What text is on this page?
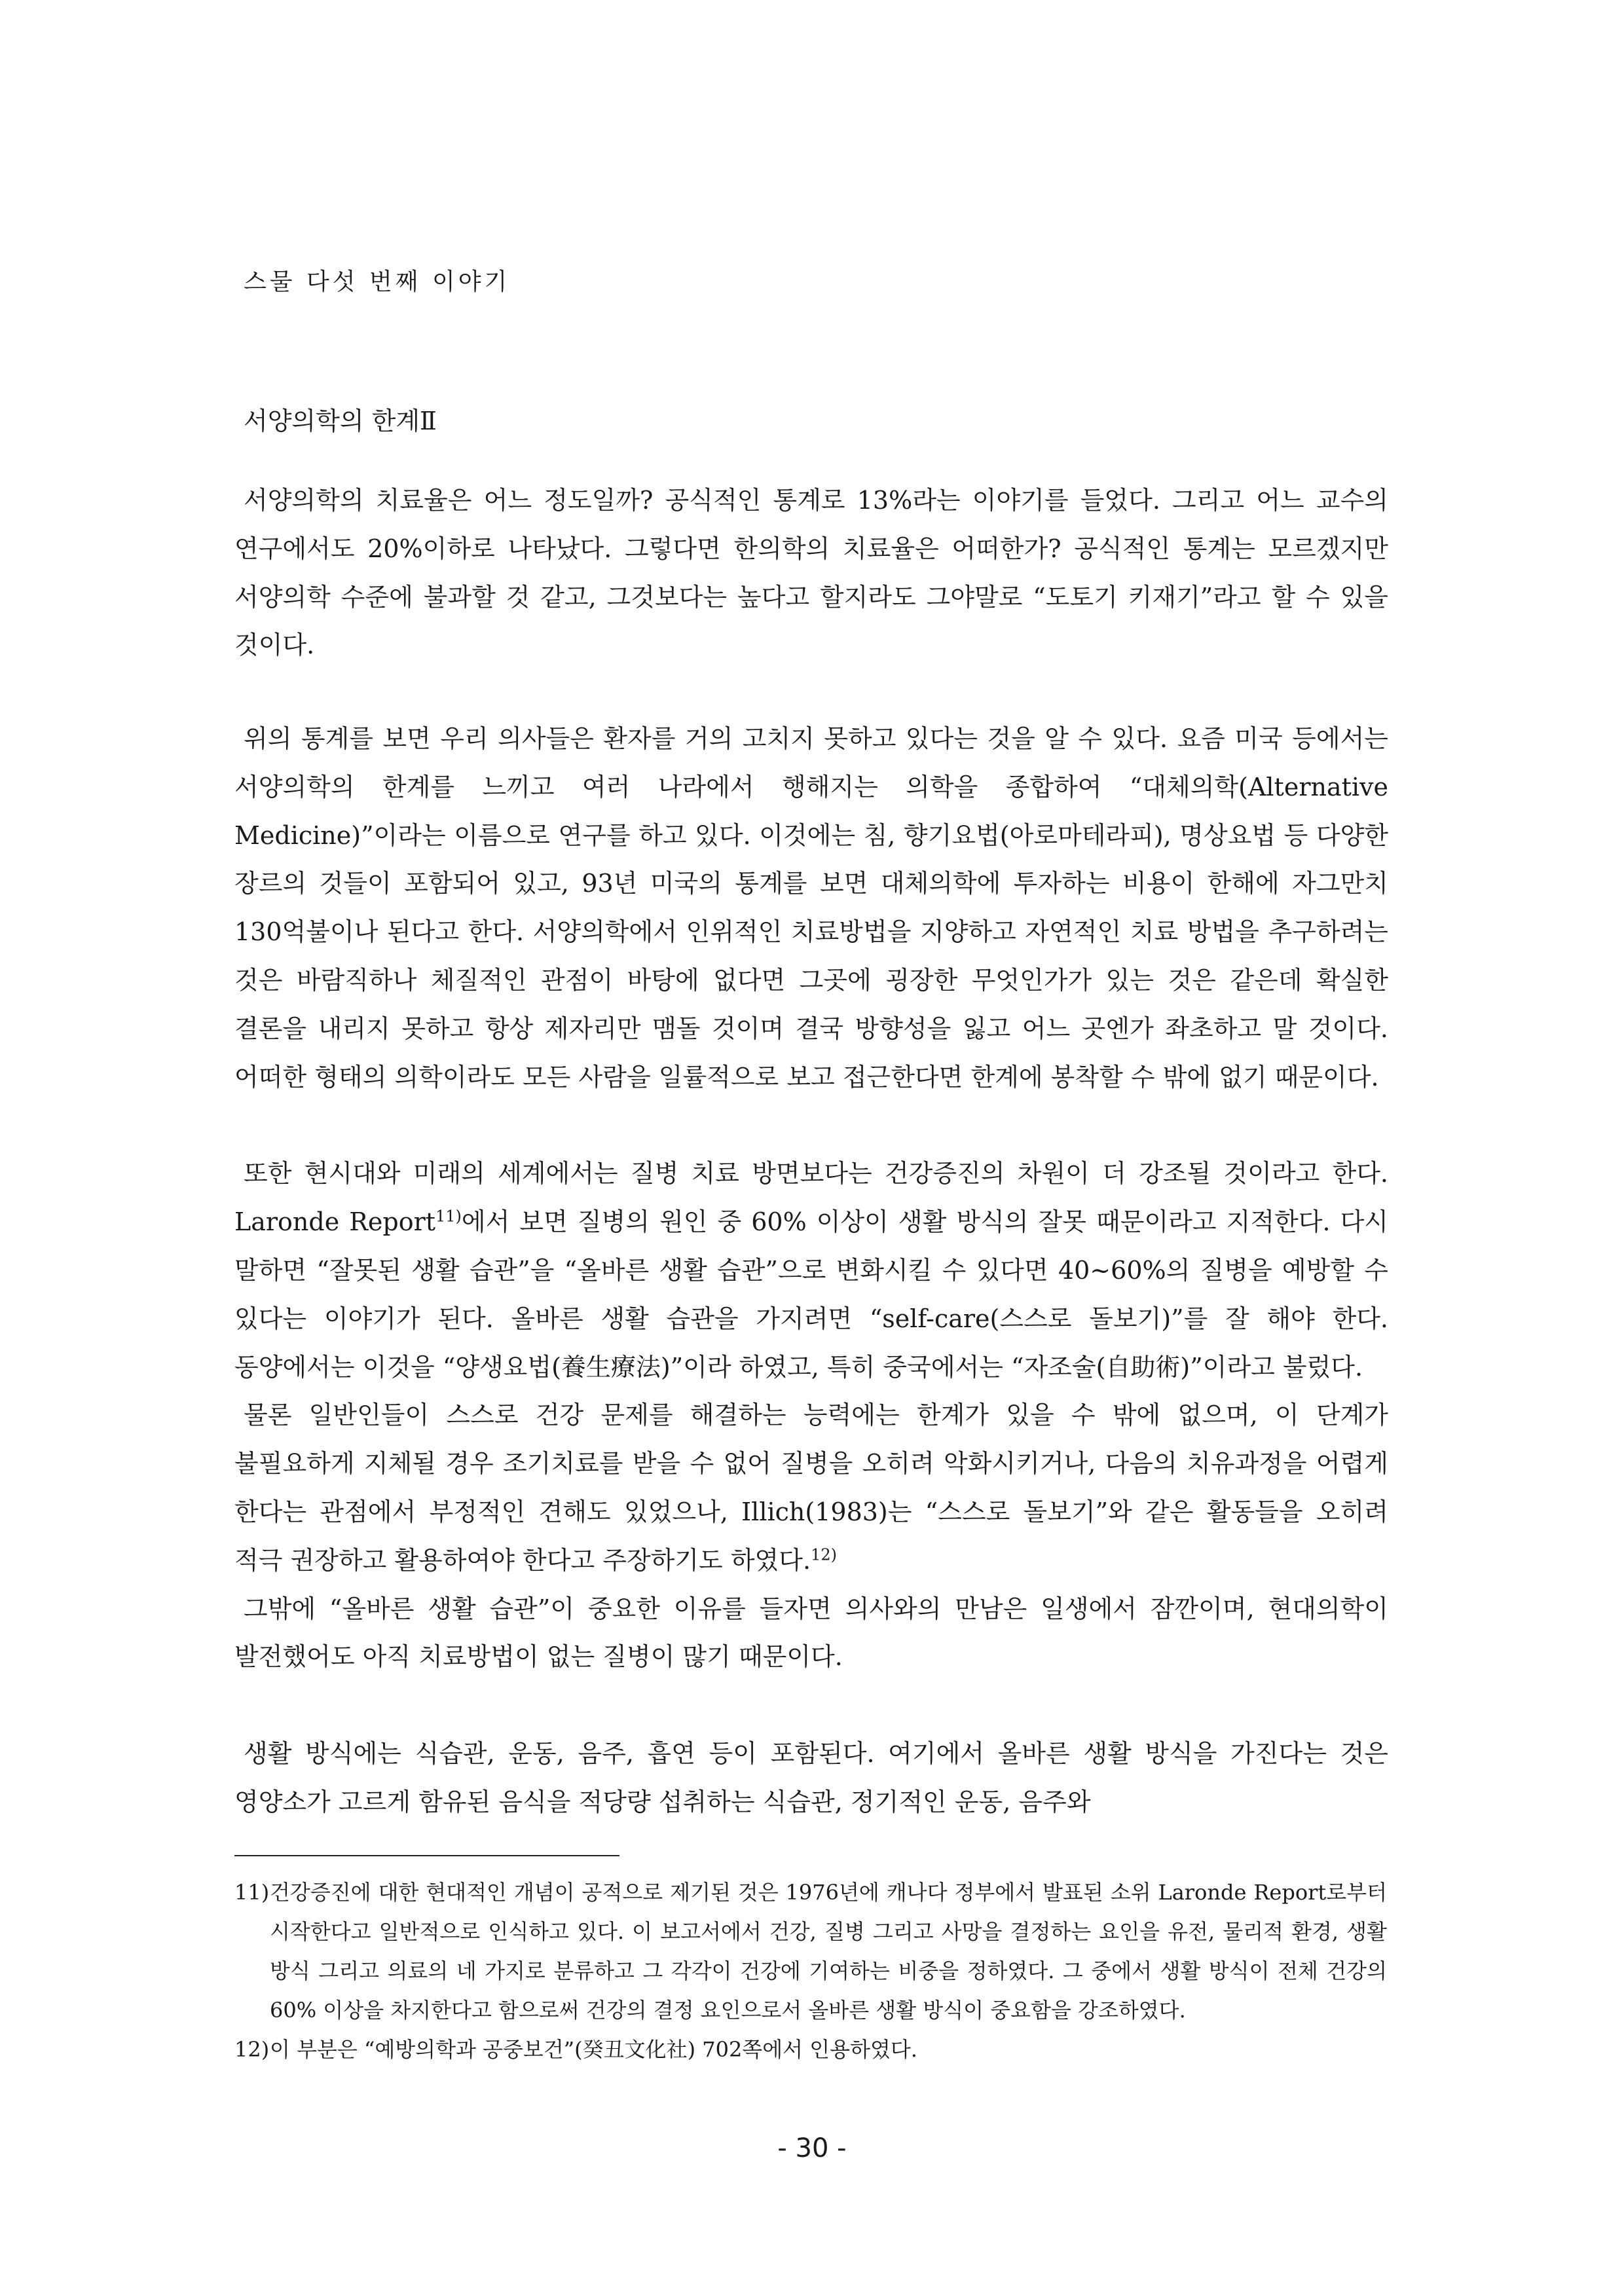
스물 다섯 번째 이야기
서양의학의 한계Ⅱ

서양의학의 치료율은 어느 정도일까? 공식적인 통계로 13%라는 이야기를 들었다. 그리고 어느 교수의 연구에서도 20%이하로 나타났다. 그렇다면 한의학의 치료율은 어떠한가? 공식적인 통계는 모르겠지만 서양의학 수준에 불과할 것 같고, 그것보다는 높다고 할지라도 그야말로 “도토기 키재기”라고 할 수 있을 것이다.

위의 통계를 보면 우리 의사들은 환자를 거의 고치지 못하고 있다는 것을 알 수 있다. 요즘 미국 등에서는 서양의학의 한계를 느끼고 여러 나라에서 행해지는 의학을 종합하여 “대체의학(Alternative Medicine)”이라는 이름으로 연구를 하고 있다. 이것에는 침, 향기요법(아로마테라피), 명상요법 등 다양한 장르의 것들이 포함되어 있고, 93년 미국의 통계를 보면 대체의학에 투자하는 비용이 한해에 자그만치 130억불이나 된다고 한다. 서양의학에서 인위적인 치료방법을 지양하고 자연적인 치료 방법을 추구하려는 것은 바람직하나 체질적인 관점이 바탕에 없다면 그곳에 굉장한 무엇인가가 있는 것은 같은데 확실한 결론을 내리지 못하고 항상 제자리만 맴돌 것이며 결국 방향성을 잃고 어느 곳엔가 좌초하고 말 것이다. 어떠한 형태의 의학이라도 모든 사람을 일률적으로 보고 접근한다면 한계에 봉착할 수 밖에 없기 때문이다.

또한 현시대와 미래의 세계에서는 질병 치료 방면보다는 건강증진의 차원이 더 강조될 것이라고 한다. Laronde Report$^{11)}$에서 보면 질병의 원인 중 60% 이상이 생활 방식의 잘못 때문이라고 지적한다. 다시 말하면 “잘못된 생활 습관”을 “올바른 생활 습관”으로 변화시킬 수 있다면 40~60%의 질병을 예방할 수 있다는 이야기가 된다. 올바른 생활 습관을 가지려면 “self-care(스스로 돌보기)”를 잘 해야 한다. 동양에서는 이것을 “양생요법(養生療法)”이라 하였고, 특히 중국에서는 “자조술(自助術)”이라고 불렀다.

물론 일반인들이 스스로 건강 문제를 해결하는 능력에는 한계가 있을 수 밖에 없으며, 이 단계가 불필요하게 지체될 경우 조기치료를 받을 수 없어 질병을 오히려 악화시키거나, 다음의 치유과정을 어렵게 한다는 관점에서 부정적인 견해도 있었으나, Illich(1983)는 “스스로 돌보기”와 같은 활동들을 오히려 적극 권장하고 활용하여야 한다고 주장하기도 하였다.$^{12)}$

그밖에 “올바른 생활 습관”이 중요한 이유를 들자면 의사와의 만남은 일생에서 잠깐이며, 현대의학이 발전했어도 아직 치료방법이 없는 질병이 많기 때문이다.

생활 방식에는 식습관, 운동, 음주, 흡연 등이 포함된다. 여기에서 올바른 생활 방식을 가진다는 것은 영양소가 고르게 함유된 음식을 적당량 섭취하는 식습관, 정기적인 운동, 음주와

11) 건강증진에 대한 현대적인 개념이 공적으로 제기된 것은 1976년에 캐나다 정부에서 발표된 소위 Laronde Report로부터 시작한다고 일반적으로 인식하고 있다. 이 보고서에서 건강, 질병 그리고 사망을 결정하는 요인을 유전, 물리적 환경, 생활 방식 그리고 의료의 네 가지로 분류하고 그 각각이 건강에 기여하는 비중을 정하였다. 그 중에서 생활 방식이 전체 건강의 60% 이상을 차지한다고 함으로써 건강의 결정 요인으로서 올바른 생활 방식이 중요함을 강조하였다.
12) 이 부분은 “예방의학과 공중보건”(癸丑文化社) 702쪽에서 인용하였다.
- 30 -
